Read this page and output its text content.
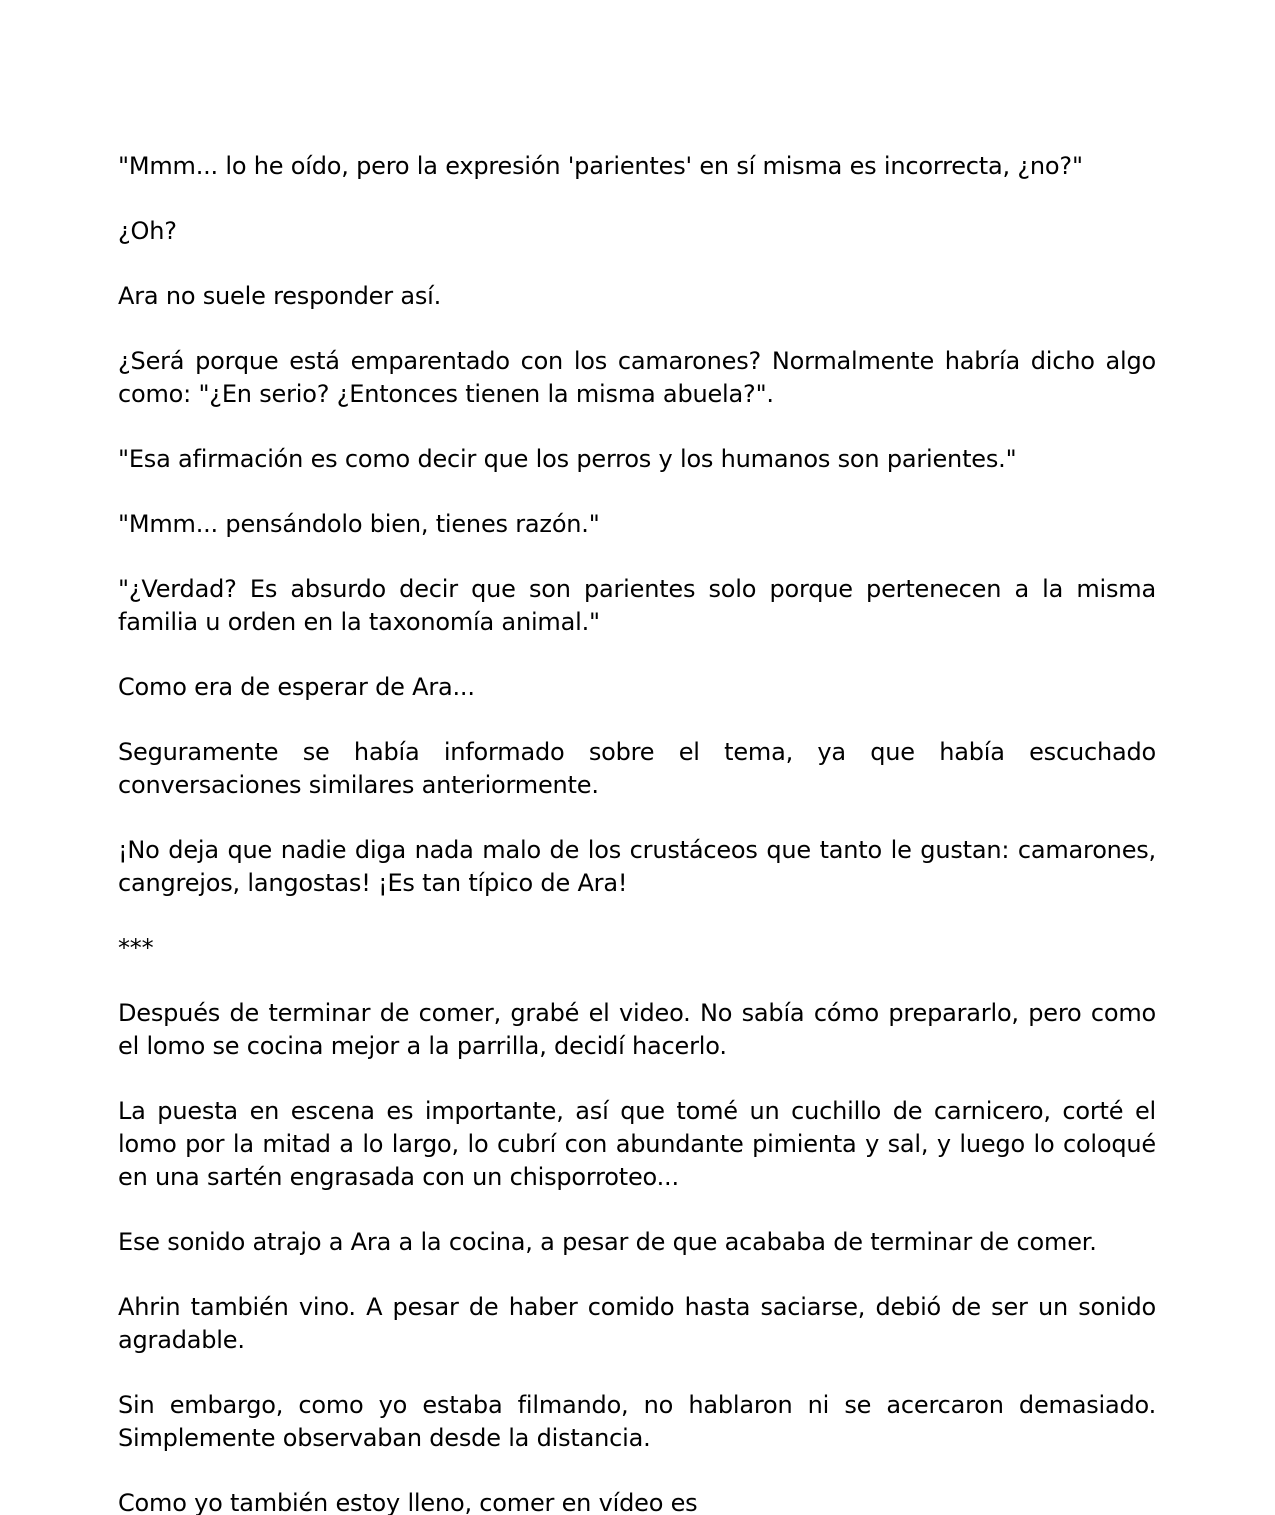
"Mmm... lo he oído, pero la expresión 'parientes' en sí misma es incorrecta, ¿no?"

¿Oh?

Ara no suele responder así.

¿Será porque está emparentado con los camarones? Normalmente habría dicho algo como: "¿En serio? ¿Entonces tienen la misma abuela?".

"Esa afirmación es como decir que los perros y los humanos son parientes."

"Mmm... pensándolo bien, tienes razón."

"¿Verdad? Es absurdo decir que son parientes solo porque pertenecen a la misma familia u orden en la taxonomía animal."

Como era de esperar de Ara...

Seguramente se había informado sobre el tema, ya que había escuchado conversaciones similares anteriormente.

¡No deja que nadie diga nada malo de los crustáceos que tanto le gustan: camarones, cangrejos, langostas! ¡Es tan típico de Ara!

***

Después de terminar de comer, grabé el video. No sabía cómo prepararlo, pero como el lomo se cocina mejor a la parrilla, decidí hacerlo.

La puesta en escena es importante, así que tomé un cuchillo de carnicero, corté el lomo por la mitad a lo largo, lo cubrí con abundante pimienta y sal, y luego lo coloqué en una sartén engrasada con un chisporroteo...

Ese sonido atrajo a Ara a la cocina, a pesar de que acababa de terminar de comer.

Ahrin también vino. A pesar de haber comido hasta saciarse, debió de ser un sonido agradable.

Sin embargo, como yo estaba filmando, no hablaron ni se acercaron demasiado. Simplemente observaban desde la distancia.

Como yo también estoy lleno, comer en vídeo es
